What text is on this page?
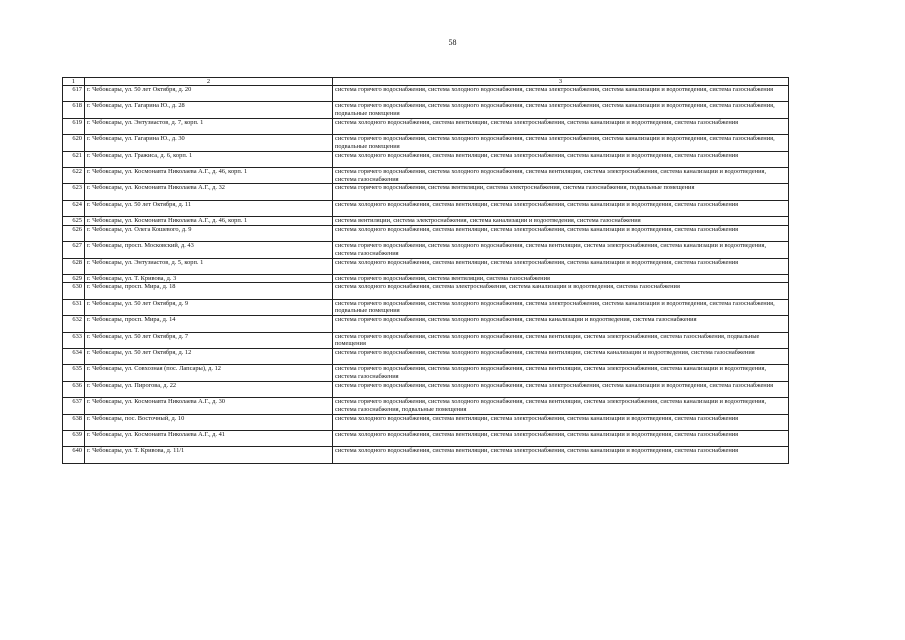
58
1	2	3
617	г. Чебоксары, ул. 50 лет Октября, д. 20	система горячего водоснабжения, система холодного водоснабжения, система электроснабжения, система канализации и водоотведения, система газоснабжения
618	г. Чебоксары, ул. Гагарина Ю., д. 28	система горячего водоснабжения, система холодного водоснабжения, система электроснабжения, система канализации и водоотведения, система газоснабжения, подвальные помещения
619	г. Чебоксары, ул. Энтузиастов, д. 7, корп. 1	система холодного водоснабжения, система вентиляции, система электроснабжения, система канализации и водоотведения, система газоснабжения
620	г. Чебоксары, ул. Гагарина Ю., д. 30	система горячего водоснабжения, система холодного водоснабжения, система электроснабжения, система канализации и водоотведения, система газоснабжения, подвальные помещения
621	г. Чебоксары, ул. Гражиса, д. 6, корп. 1	система холодного водоснабжения, система вентиляции, система электроснабжения, система канализации и водоотведения, система газоснабжения
622	г. Чебоксары, ул. Космонавта Николаева А.Г., д. 46, корп. 1	система горячего водоснабжения, система холодного водоснабжения, система вентиляции, система электроснабжения, система канализации и водоотведения, система газоснабжения
623	г. Чебоксары, ул. Космонавта Николаева А.Г., д. 32	система горячего водоснабжения, система вентиляции, система электроснабжения, система газоснабжения, подвальные помещения
624	г. Чебоксары, ул. 50 лет Октября, д. 11	система холодного водоснабжения, система вентиляции, система электроснабжения, система канализации и водоотведения, система газоснабжения
625	г. Чебоксары, ул. Космонавта Николаева А.Г., д. 46, корп. 1	система вентиляции, система электроснабжения, система канализации и водоотведения, система газоснабжения
626	г. Чебоксары, ул. Олега Кошевого, д. 9	система холодного водоснабжения, система вентиляции, система электроснабжения, система канализации и водоотведения, система газоснабжения
627	г. Чебоксары, просп. Московский, д. 43	система горячего водоснабжения, система холодного водоснабжения, система вентиляции, система электроснабжения, система канализации и водоотведения, система газоснабжения
628	г. Чебоксары, ул. Энтузиастов, д. 5, корп. 1	система холодного водоснабжения, система вентиляции, система электроснабжения, система канализации и водоотведения, система газоснабжения
629	г. Чебоксары, ул. Т. Кривова, д. 3	система горячего водоснабжения, система вентиляции, система газоснабжения
630	г. Чебоксары, просп. Мира, д. 18	система холодного водоснабжения, система электроснабжения, система канализации и водоотведения, система газоснабжения
631	г. Чебоксары, ул. 50 лет Октября, д. 9	система горячего водоснабжения, система холодного водоснабжения, система электроснабжения, система канализации и водоотведения, система газоснабжения, подвальные помещения
632	г. Чебоксары, просп. Мира, д. 14	система горячего водоснабжения, система холодного водоснабжения, система канализации и водоотведения, система газоснабжения
633	г. Чебоксары, ул. 50 лет Октября, д. 7	система горячего водоснабжения, система холодного водоснабжения, система вентиляции, система электроснабжения, система газоснабжения, подвальные помещения
634	г. Чебоксары, ул. 50 лет Октября, д. 12	система горячего водоснабжения, система холодного водоснабжения, система вентиляции, система канализации и водоотведения, система газоснабжения
635	г. Чебоксары, ул. Совхозная (пос. Лапсары), д. 12	система горячего водоснабжения, система холодного водоснабжения, система вентиляции, система электроснабжения, система канализации и водоотведения, система газоснабжения
636	г. Чебоксары, ул. Пирогова, д. 22	система горячего водоснабжения, система холодного водоснабжения, система электроснабжения, система канализации и водоотведения, система газоснабжения
637	г. Чебоксары, ул. Космонавта Николаева А.Г., д. 30	система горячего водоснабжения, система холодного водоснабжения, система вентиляции, система электроснабжения, система канализации и водоотведения, система газоснабжения, подвальные помещения
638	г. Чебоксары, пос. Восточный, д. 10	система холодного водоснабжения, система вентиляции, система электроснабжения, система канализации и водоотведения, система газоснабжения
639	г. Чебоксары, ул. Космонавта Николаева А.Г., д. 41	система холодного водоснабжения, система вентиляции, система электроснабжения, система канализации и водоотведения, система газоснабжения
640	г. Чебоксары, ул. Т. Кривова, д. 11/1	система холодного водоснабжения, система вентиляции, система электроснабжения, система канализации и водоотведения, система газоснабжения
